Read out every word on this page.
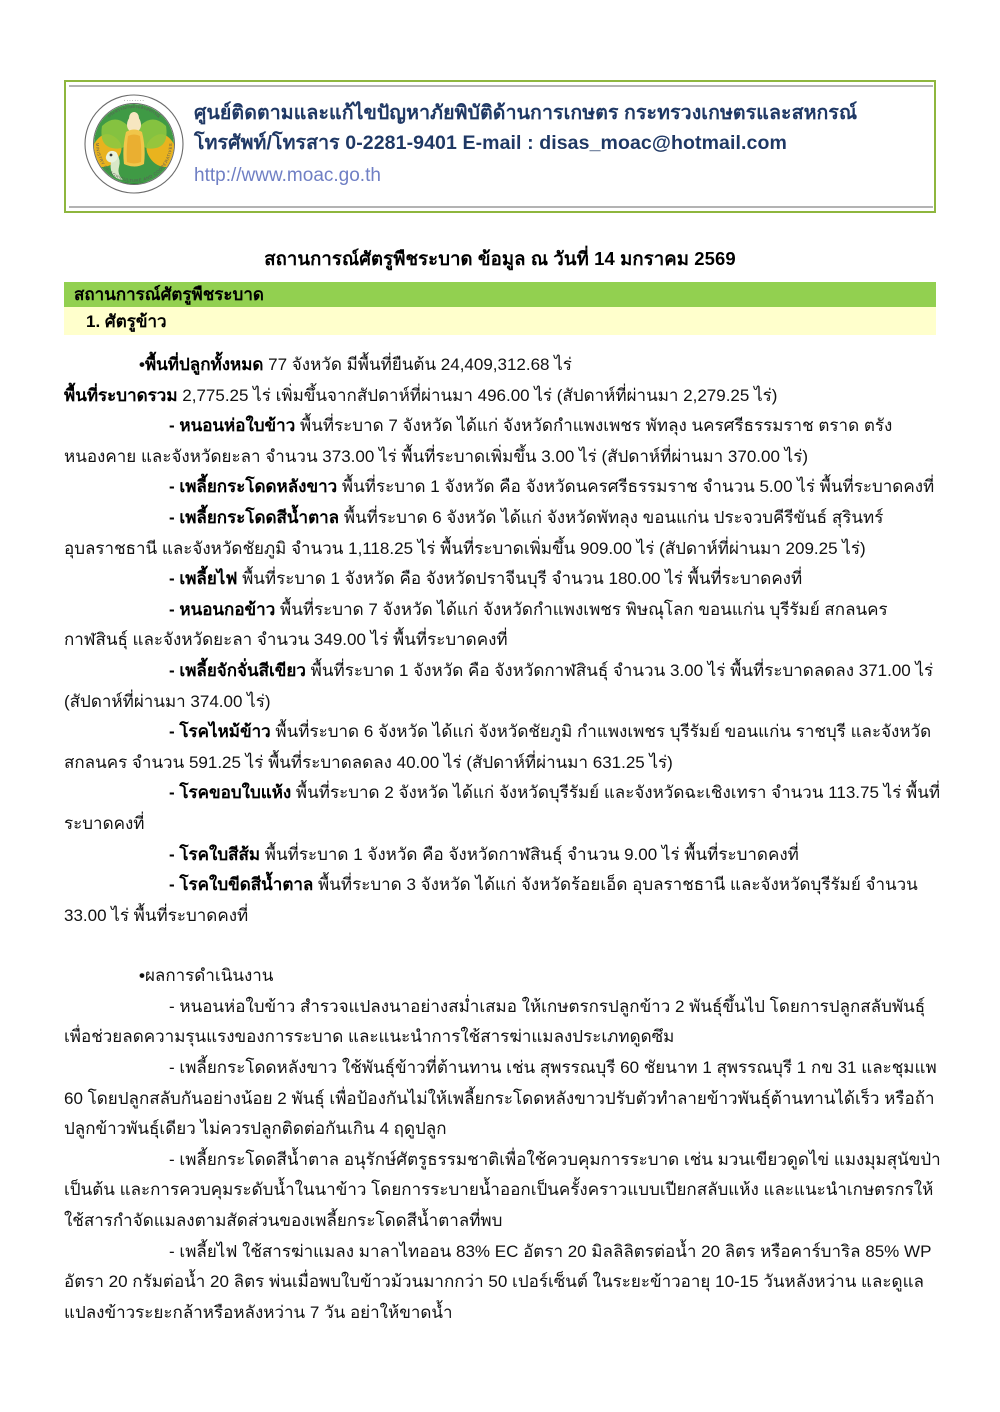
· · · · · · · ·
กระทรวงเกษตรและสหกรณ์
MINISTRY OF AGRICULTURE AND COOPERATIVES
ศูนย์ติดตามและแก้ไขปัญหาภัยพิบัติด้านการเกษตร กระทรวงเกษตรและสหกรณ์
โทรศัพท์/โทรสาร 0-2281-9401 E-mail : disas_moac@hotmail.com
http://www.moac.go.th
สถานการณ์ศัตรูพืชระบาด ข้อมูล ณ วันที่ 14 มกราคม 2569
สถานการณ์ศัตรูพืชระบาด
1. ศัตรูข้าว

•พื้นที่ปลูกทั้งหมด 77 จังหวัด มีพื้นที่ยืนต้น 24,409,312.68 ไร่

พื้นที่ระบาดรวม 2,775.25 ไร่ เพิ่มขึ้นจากสัปดาห์ที่ผ่านมา 496.00 ไร่ (สัปดาห์ที่ผ่านมา 2,279.25 ไร่)

- หนอนห่อใบข้าว พื้นที่ระบาด 7 จังหวัด ได้แก่ จังหวัดกำแพงเพชร พัทลุง นครศรีธรรมราช ตราด ตรัง หนองคาย และจังหวัดยะลา จำนวน 373.00 ไร่ พื้นที่ระบาดเพิ่มขึ้น 3.00 ไร่ (สัปดาห์ที่ผ่านมา 370.00 ไร่)

- เพลี้ยกระโดดหลังขาว พื้นที่ระบาด 1 จังหวัด คือ จังหวัดนครศรีธรรมราช จำนวน 5.00 ไร่ พื้นที่ระบาดคงที่

- เพลี้ยกระโดดสีน้ำตาล พื้นที่ระบาด 6 จังหวัด ได้แก่ จังหวัดพัทลุง ขอนแก่น ประจวบคีรีขันธ์ สุรินทร์ อุบลราชธานี และจังหวัดชัยภูมิ จำนวน 1,118.25 ไร่ พื้นที่ระบาดเพิ่มขึ้น 909.00 ไร่ (สัปดาห์ที่ผ่านมา 209.25 ไร่)

- เพลี้ยไฟ พื้นที่ระบาด 1 จังหวัด คือ จังหวัดปราจีนบุรี จำนวน 180.00 ไร่ พื้นที่ระบาดคงที่

- หนอนกอข้าว พื้นที่ระบาด 7 จังหวัด ได้แก่ จังหวัดกำแพงเพชร พิษณุโลก ขอนแก่น บุรีรัมย์ สกลนคร กาฬสินธุ์ และจังหวัดยะลา จำนวน 349.00 ไร่ พื้นที่ระบาดคงที่

- เพลี้ยจักจั่นสีเขียว พื้นที่ระบาด 1 จังหวัด คือ จังหวัดกาฬสินธุ์ จำนวน 3.00 ไร่ พื้นที่ระบาดลดลง 371.00 ไร่ (สัปดาห์ที่ผ่านมา 374.00 ไร่)

- โรคไหม้ข้าว พื้นที่ระบาด 6 จังหวัด ได้แก่ จังหวัดชัยภูมิ กำแพงเพชร บุรีรัมย์ ขอนแก่น ราชบุรี และจังหวัดสกลนคร จำนวน 591.25 ไร่ พื้นที่ระบาดลดลง 40.00 ไร่ (สัปดาห์ที่ผ่านมา 631.25 ไร่)

- โรคขอบใบแห้ง พื้นที่ระบาด 2 จังหวัด ได้แก่ จังหวัดบุรีรัมย์ และจังหวัดฉะเชิงเทรา จำนวน 113.75 ไร่ พื้นที่ระบาดคงที่

- โรคใบสีส้ม พื้นที่ระบาด 1 จังหวัด คือ จังหวัดกาฬสินธุ์ จำนวน 9.00 ไร่ พื้นที่ระบาดคงที่

- โรคใบขีดสีน้ำตาล พื้นที่ระบาด 3 จังหวัด ได้แก่ จังหวัดร้อยเอ็ด อุบลราชธานี และจังหวัดบุรีรัมย์ จำนวน 33.00 ไร่ พื้นที่ระบาดคงที่

•ผลการดำเนินงาน

- หนอนห่อใบข้าว สำรวจแปลงนาอย่างสม่ำเสมอ ให้เกษตรกรปลูกข้าว 2 พันธุ์ขึ้นไป โดยการปลูกสลับพันธุ์ เพื่อช่วยลดความรุนแรงของการระบาด และแนะนำการใช้สารฆ่าแมลงประเภทดูดซึม

- เพลี้ยกระโดดหลังขาว ใช้พันธุ์ข้าวที่ต้านทาน เช่น สุพรรณบุรี 60 ชัยนาท 1 สุพรรณบุรี 1 กข 31 และชุมแพ 60 โดยปลูกสลับกันอย่างน้อย 2 พันธุ์ เพื่อป้องกันไม่ให้เพลี้ยกระโดดหลังขาวปรับตัวทำลายข้าวพันธุ์ต้านทานได้เร็ว หรือถ้าปลูกข้าวพันธุ์เดียว ไม่ควรปลูกติดต่อกันเกิน 4 ฤดูปลูก

- เพลี้ยกระโดดสีน้ำตาล อนุรักษ์ศัตรูธรรมชาติเพื่อใช้ควบคุมการระบาด เช่น มวนเขียวดูดไข่ แมงมุมสุนัขป่า เป็นต้น และการควบคุมระดับน้ำในนาข้าว โดยการระบายน้ำออกเป็นครั้งคราวแบบเปียกสลับแห้ง และแนะนำเกษตรกรให้ใช้สารกำจัดแมลงตามสัดส่วนของเพลี้ยกระโดดสีน้ำตาลที่พบ

- เพลี้ยไฟ ใช้สารฆ่าแมลง มาลาไทออน 83% EC อัตรา 20 มิลลิลิตรต่อน้ำ 20 ลิตร หรือคาร์บาริล 85% WP อัตรา 20 กรัมต่อน้ำ 20 ลิตร พ่นเมื่อพบใบข้าวม้วนมากกว่า 50 เปอร์เซ็นต์ ในระยะข้าวอายุ 10-15 วันหลังหว่าน และดูแลแปลงข้าวระยะกล้าหรือหลังหว่าน 7 วัน อย่าให้ขาดน้ำ
